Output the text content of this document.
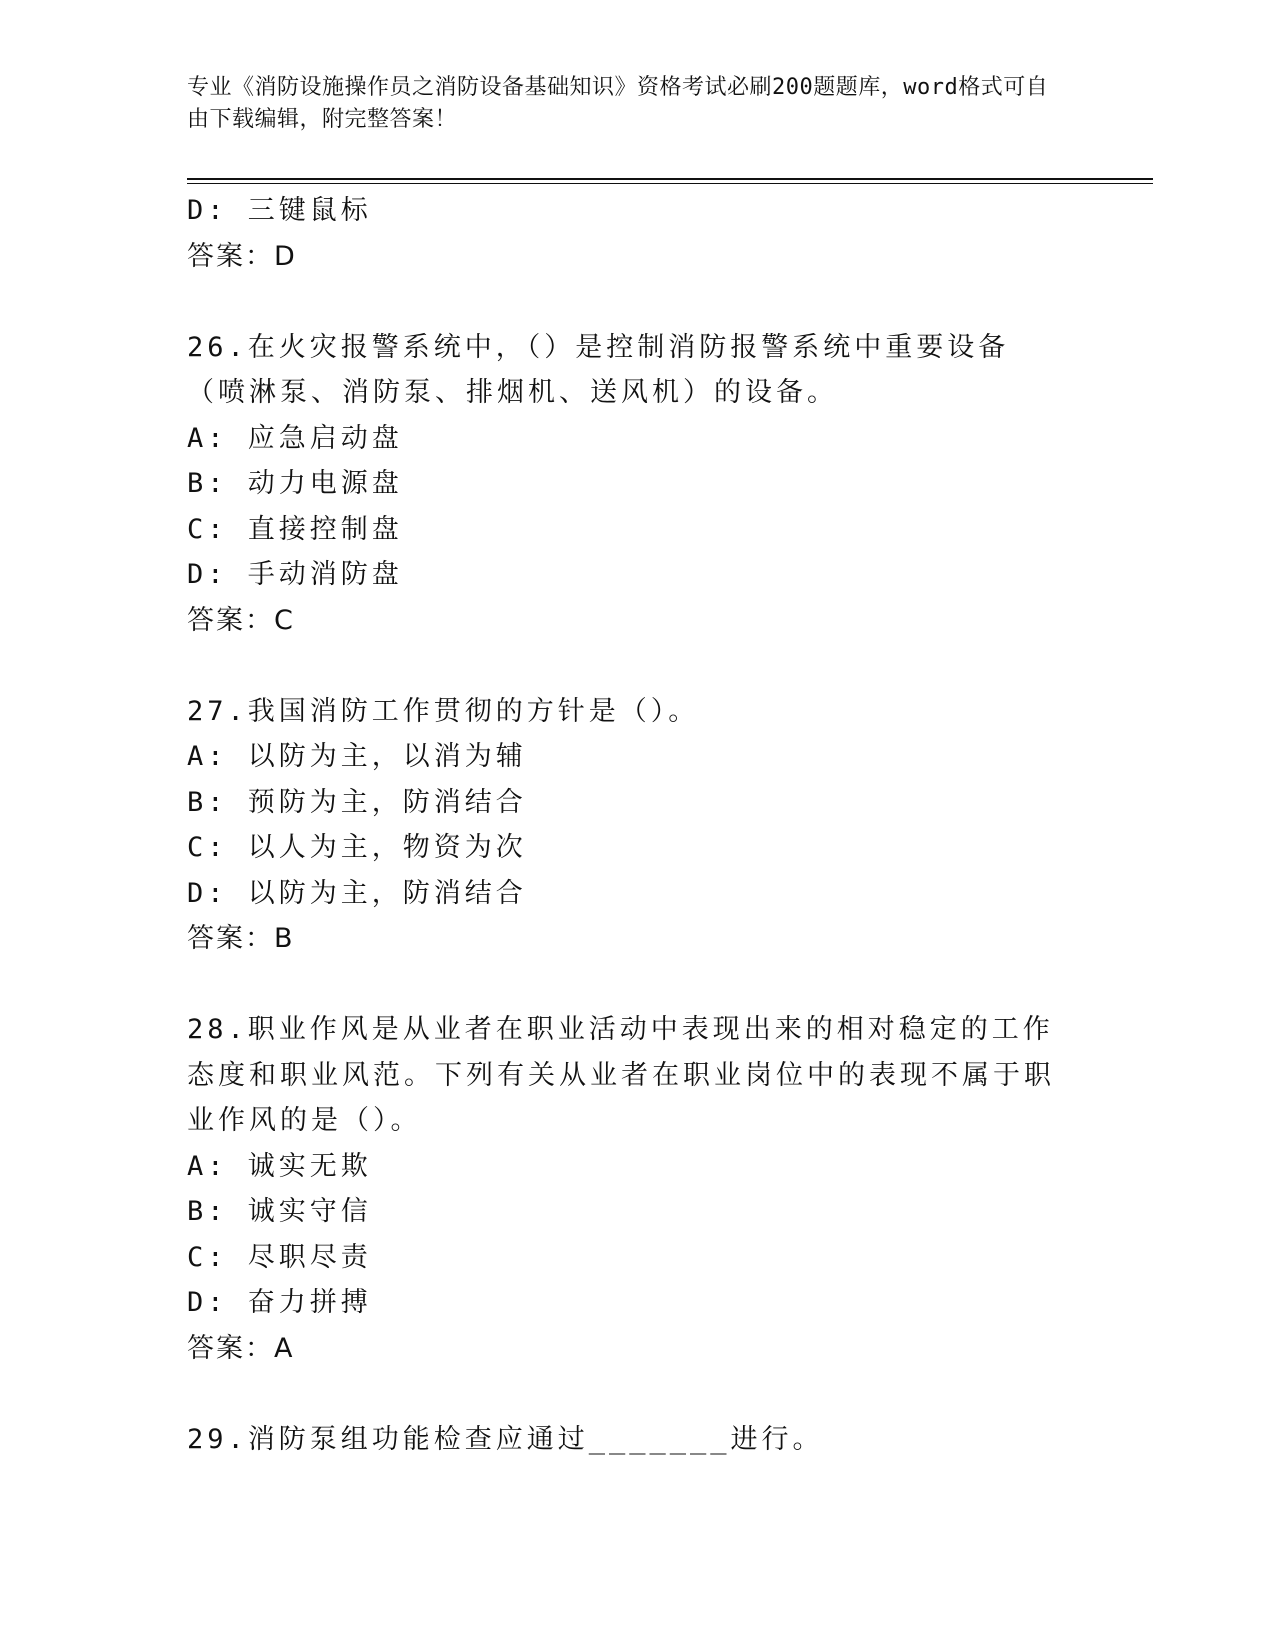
专业《消防设施操作员之消防设备基础知识》资格考试必刷200题题库，word格式可自由下载编辑，附完整答案！
D: 三键鼠标
答案：D
26.在火灾报警系统中，（）是控制消防报警系统中重要设备（喷淋泵、消防泵、排烟机、送风机）的设备。
A: 应急启动盘
B: 动力电源盘
C: 直接控制盘
D: 手动消防盘
答案：C
27.我国消防工作贯彻的方针是（）。
A: 以防为主，以消为辅
B: 预防为主，防消结合
C: 以人为主，物资为次
D: 以防为主，防消结合
答案：B
28.职业作风是从业者在职业活动中表现出来的相对稳定的工作态度和职业风范。下列有关从业者在职业岗位中的表现不属于职业作风的是（）。
A: 诚实无欺
B: 诚实守信
C: 尽职尽责
D: 奋力拼搏
答案：A
29.消防泵组功能检查应通过_______进行。
